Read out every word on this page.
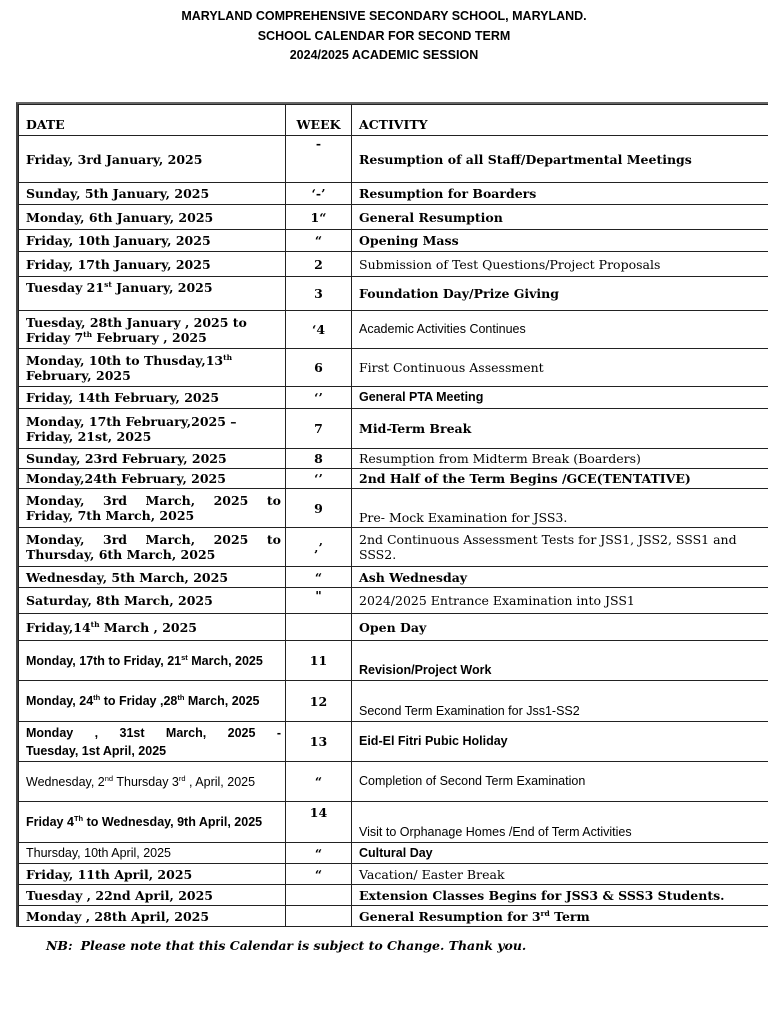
MARYLAND COMPREHENSIVE SECONDARY SCHOOL, MARYLAND.
SCHOOL CALENDAR FOR SECOND TERM
2024/2025 ACADEMIC SESSION
DATE	WEEK	ACTIVITY
Friday, 3rd January, 2025	-	Resumption of all Staff/Departmental Meetings
Sunday, 5th January, 2025	‘-’	Resumption for Boarders
Monday, 6th January, 2025	1“	General Resumption
Friday, 10th January, 2025	“	Opening Mass
Friday, 17th January, 2025	2	Submission of Test Questions/Project Proposals
Tuesday 21st January, 2025	3	Foundation Day/Prize Giving
Tuesday, 28th January , 2025 to Friday 7th February , 2025	‘4	Academic Activities Continues
Monday, 10th to Thusday,13th February, 2025	6	First Continuous Assessment
Friday, 14th February, 2025	‘’	General PTA Meeting
Monday, 17th February,2025 – Friday, 21st, 2025	7	Mid-Term Break
Sunday, 23rd February, 2025	8	Resumption from Midterm Break (Boarders)
Monday,24th February, 2025	‘’	2nd Half of the Term Begins /GCE(TENTATIVE)

Monday, 3rd March, 2025 to
Friday, 7th March, 2025	9	Pre- Mock Examination for JSS3.

Monday, 3rd March, 2025 to
Thursday, 6th March, 2025	‚’	2nd Continuous Assessment Tests for JSS1, JSS2, SSS1 and SSS2.
Wednesday, 5th March, 2025	“	Ash Wednesday
Saturday, 8th March, 2025	"	2024/2025 Entrance Examination into JSS1
Friday,14th March , 2025		Open Day
Monday, 17th to Friday, 21st March, 2025	11	Revision/Project Work
Monday, 24th to Friday ,28th March, 2025	12	Second Term Examination for Jss1-SS2

Monday , 31st March, 2025 -
Tuesday, 1st April, 2025	13	Eid-El Fitri Pubic Holiday
Wednesday, 2nd Thursday 3rd , April, 2025	“	Completion of Second Term Examination
Friday 4Th to Wednesday, 9th April, 2025	14	Visit to Orphanage Homes /End of Term Activities
Thursday, 10th April, 2025	“	Cultural Day
Friday, 11th April, 2025	“	Vacation/ Easter Break
Tuesday , 22nd April, 2025		Extension Classes Begins for JSS3 & SSS3 Students.
Monday , 28th April, 2025		General Resumption for 3rd Term
NB: Please note that this Calendar is subject to Change. Thank you.
